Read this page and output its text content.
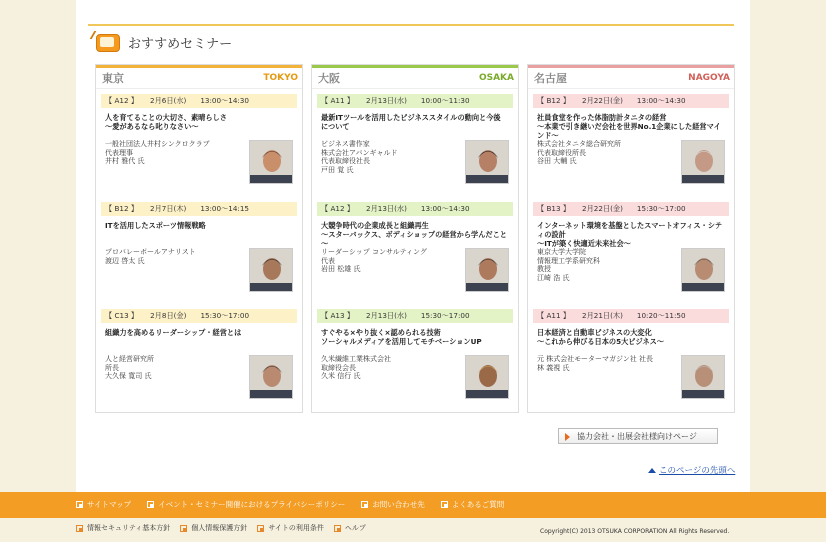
おすすめセミナー
東京	TOKYO
【 A12 】 2月6日(水) 13:00～14:30
人を育てることの大切さ、素晴らしさ
～愛があるなら叱りなさい～
一般社団法人井村シンクロクラブ
代表理事
井村 雅代 氏
【 B12 】 2月7日(木) 13:00～14:15
ITを活用したスポーツ情報戦略
プロバレーボールアナリスト
渡辺 啓太 氏
【 C13 】 2月8日(金) 15:30～17:00
組織力を高めるリーダーシップ・経営とは
人と経営研究所
所長
大久保 寛司 氏
大阪	OSAKA
【 A11 】 2月13日(水) 10:00～11:30
最新ITツールを活用したビジネススタイルの動向と今後について
ビジネス書作家
株式会社アバンギャルド
代表取締役社長
戸田 覚 氏
【 A12 】 2月13日(水) 13:00～14:30
大競争時代の企業成長と組織再生
～スターバックス、ボディショップの経営から学んだこと～
リーダーシップ コンサルティング
代表
岩田 松雄 氏
【 A13 】 2月13日(水) 15:30～17:00
すぐやる×やり抜く×認められる技術
ソーシャルメディアを活用してモチベーションUP
久米繊維工業株式会社
取締役会長
久米 信行 氏
名古屋	NAGOYA
【 B12 】 2月22日(金) 13:00～14:30
社員食堂を作った体脂肪計タニタの経営
～本業で引き継いだ会社を世界No.1企業にした経営マインド～
株式会社タニタ総合研究所
代表取締役所長
谷田 大輔 氏
【 B13 】 2月22日(金) 15:30～17:00
インターネット環境を基盤としたスマートオフィス・シティの設計
～ITが築く快適近未来社会～
東京大学大学院
情報理工学系研究科
教授
江崎 浩 氏
【 A11 】 2月21日(木) 10:20～11:50
日本経済と自動車ビジネスの大変化
～これから伸びる日本の5大ビジネス～
元 株式会社モーターマガジン社 社長
林 義視 氏
協力会社・出展会社様向けページ
このページの先頭へ
サイトマップ	イベント・セミナー開催におけるプライバシーポリシー	お問い合わせ先	よくあるご質問
情報セキュリティ基本方針	個人情報保護方針	サイトの利用条件	ヘルプ	Copyright(C) 2013 OTSUKA CORPORATION All Rights Reserved.
